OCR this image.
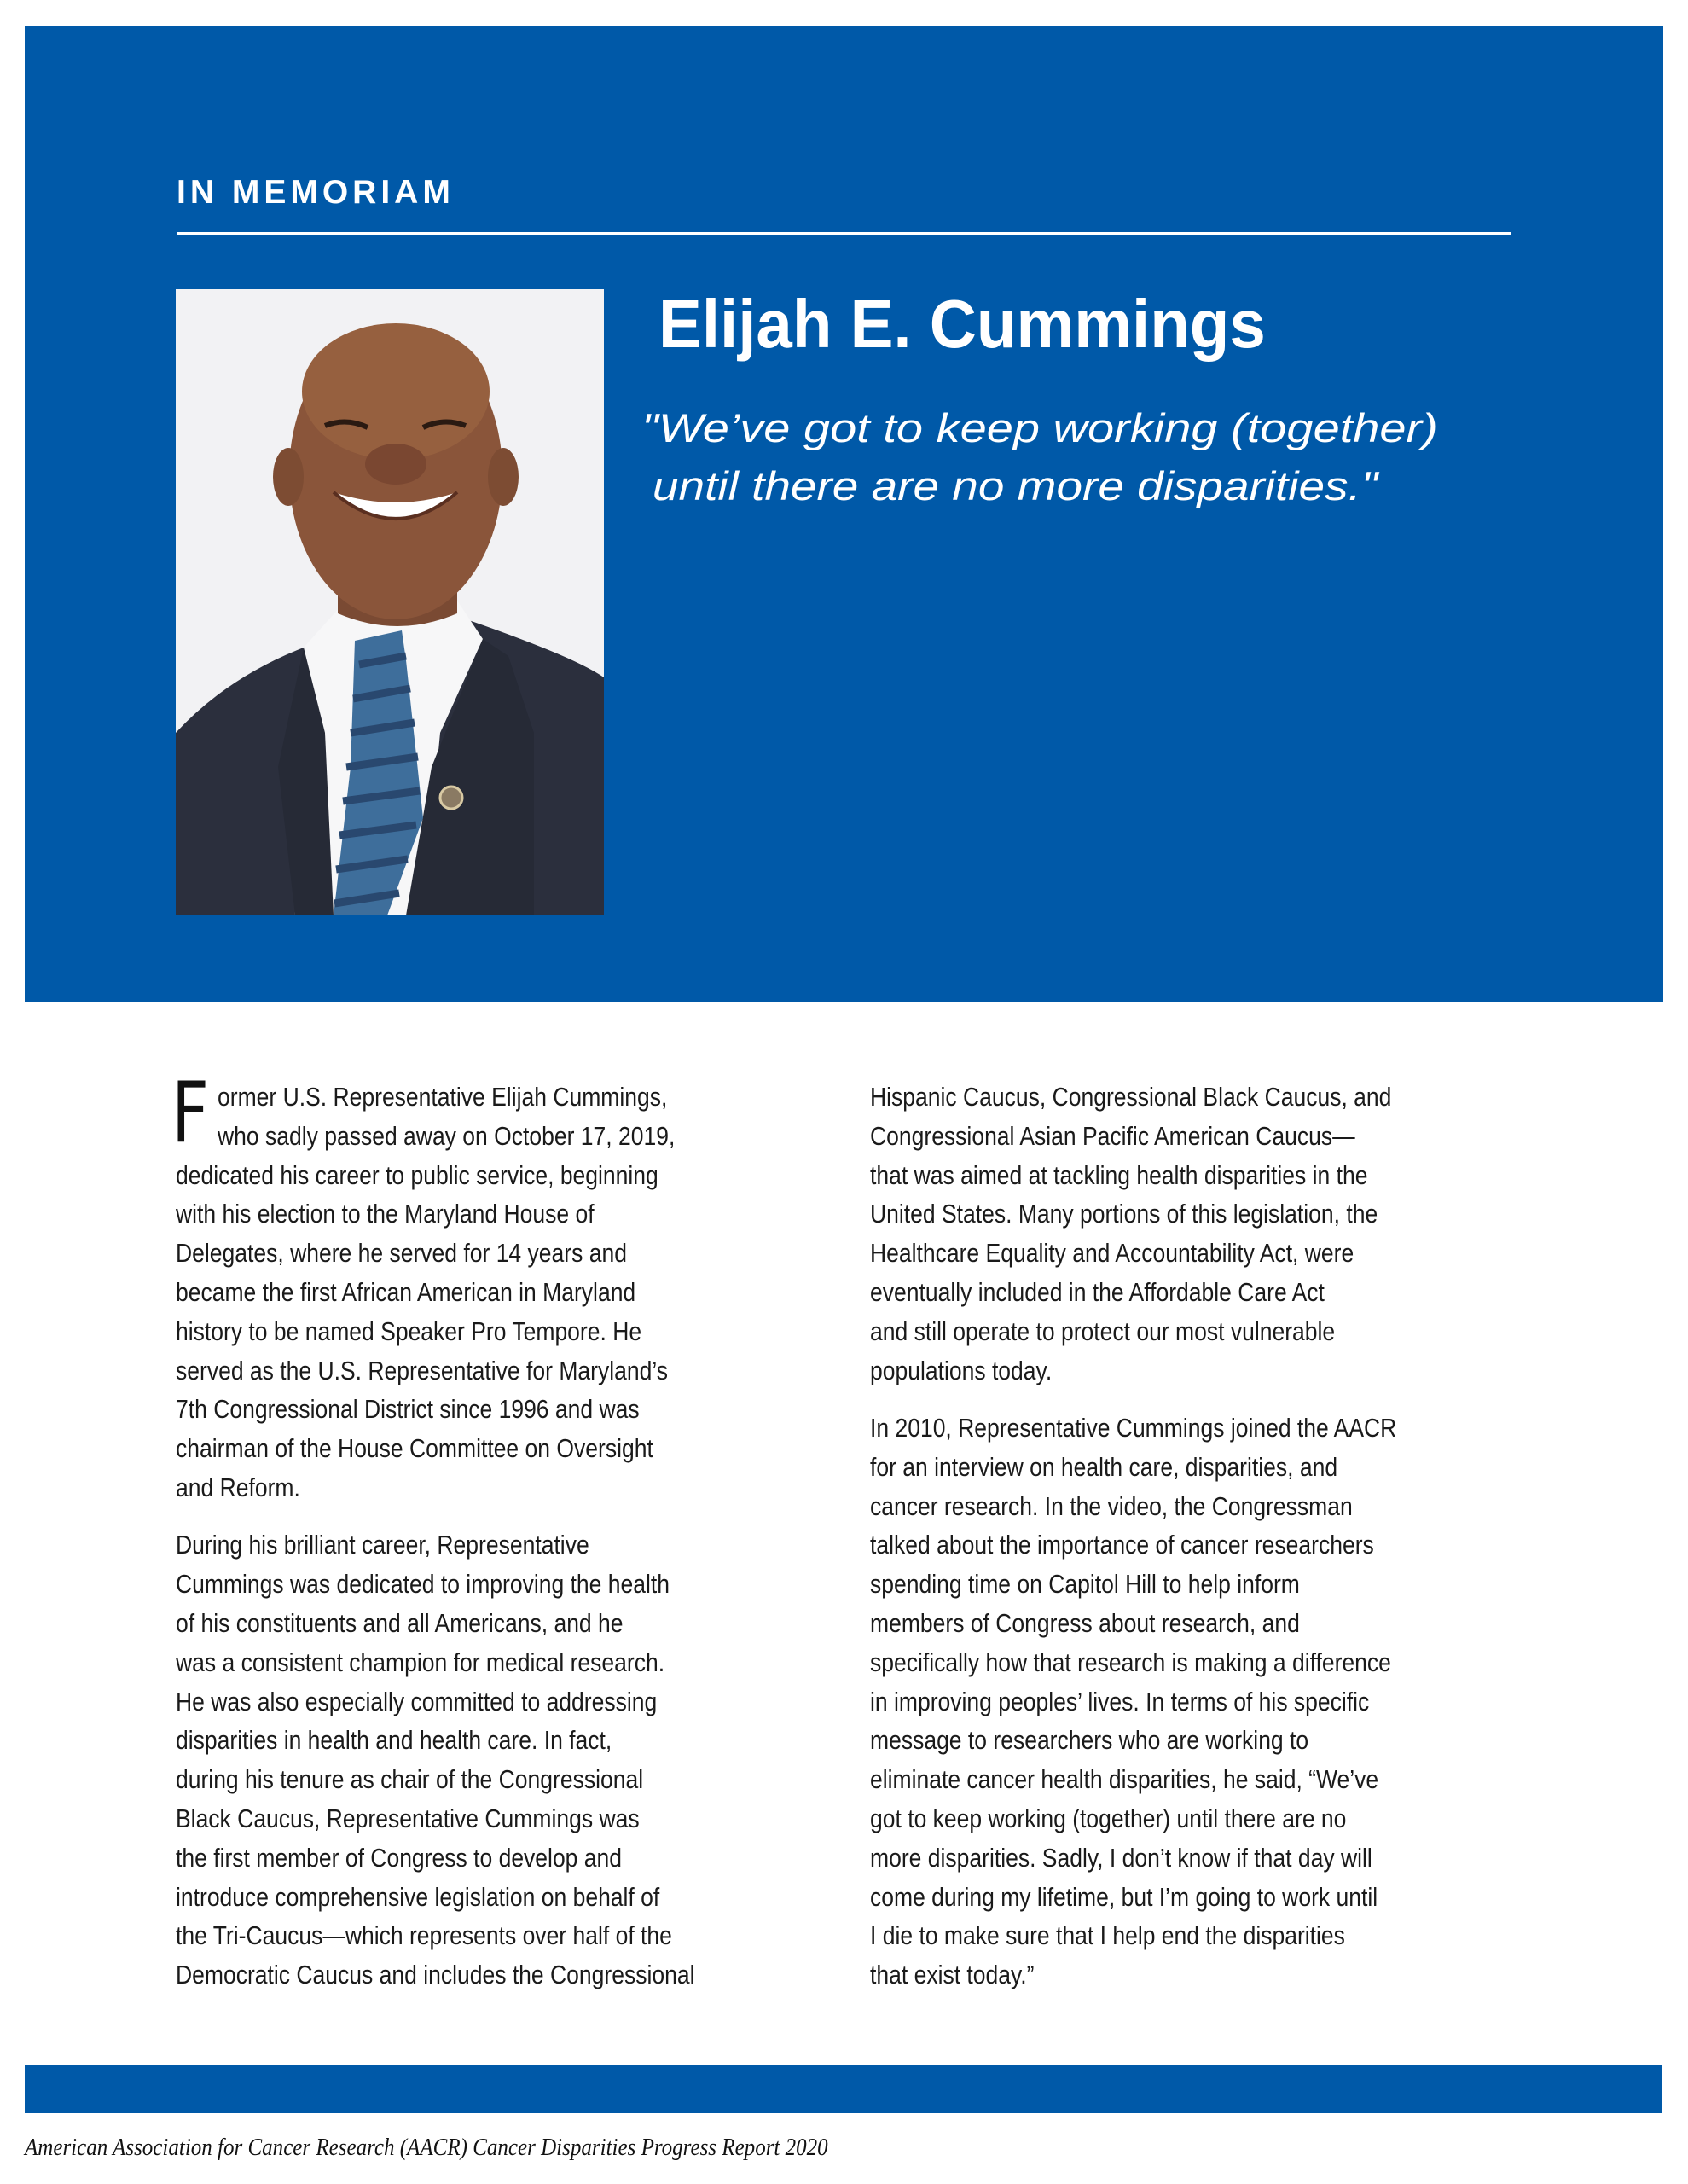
IN MEMORIAM
Elijah E. Cummings
"We’ve got to keep working (together)
until there are no more disparities."
F ormer U.S. Representative Elijah Cummings,
who sadly passed away on October 17, 2019,
dedicated his career to public service, beginning
with his election to the Maryland House of
Delegates, where he served for 14 years and
became the first African American in Maryland
history to be named Speaker Pro Tempore. He
served as the U.S. Representative for Maryland’s
7th Congressional District since 1996 and was
chairman of the House Committee on Oversight
and Reform.
During his brilliant career, Representative
Cummings was dedicated to improving the health
of his constituents and all Americans, and he
was a consistent champion for medical research.
He was also especially committed to addressing
disparities in health and health care. In fact,
during his tenure as chair of the Congressional
Black Caucus, Representative Cummings was
the first member of Congress to develop and
introduce comprehensive legislation on behalf of
the Tri-Caucus—which represents over half of the
Democratic Caucus and includes the Congressional
Hispanic Caucus, Congressional Black Caucus, and
Congressional Asian Pacific American Caucus—
that was aimed at tackling health disparities in the
United States. Many portions of this legislation, the
Healthcare Equality and Accountability Act, were
eventually included in the Affordable Care Act
and still operate to protect our most vulnerable
populations today.
In 2010, Representative Cummings joined the AACR
for an interview on health care, disparities, and
cancer research. In the video, the Congressman
talked about the importance of cancer researchers
spending time on Capitol Hill to help inform
members of Congress about research, and
specifically how that research is making a difference
in improving peoples’ lives. In terms of his specific
message to researchers who are working to
eliminate cancer health disparities, he said, “We’ve
got to keep working (together) until there are no
more disparities. Sadly, I don’t know if that day will
come during my lifetime, but I’m going to work until
I die to make sure that I help end the disparities
that exist today.”
American Association for Cancer Research (AACR) Cancer Disparities Progress Report 2020
